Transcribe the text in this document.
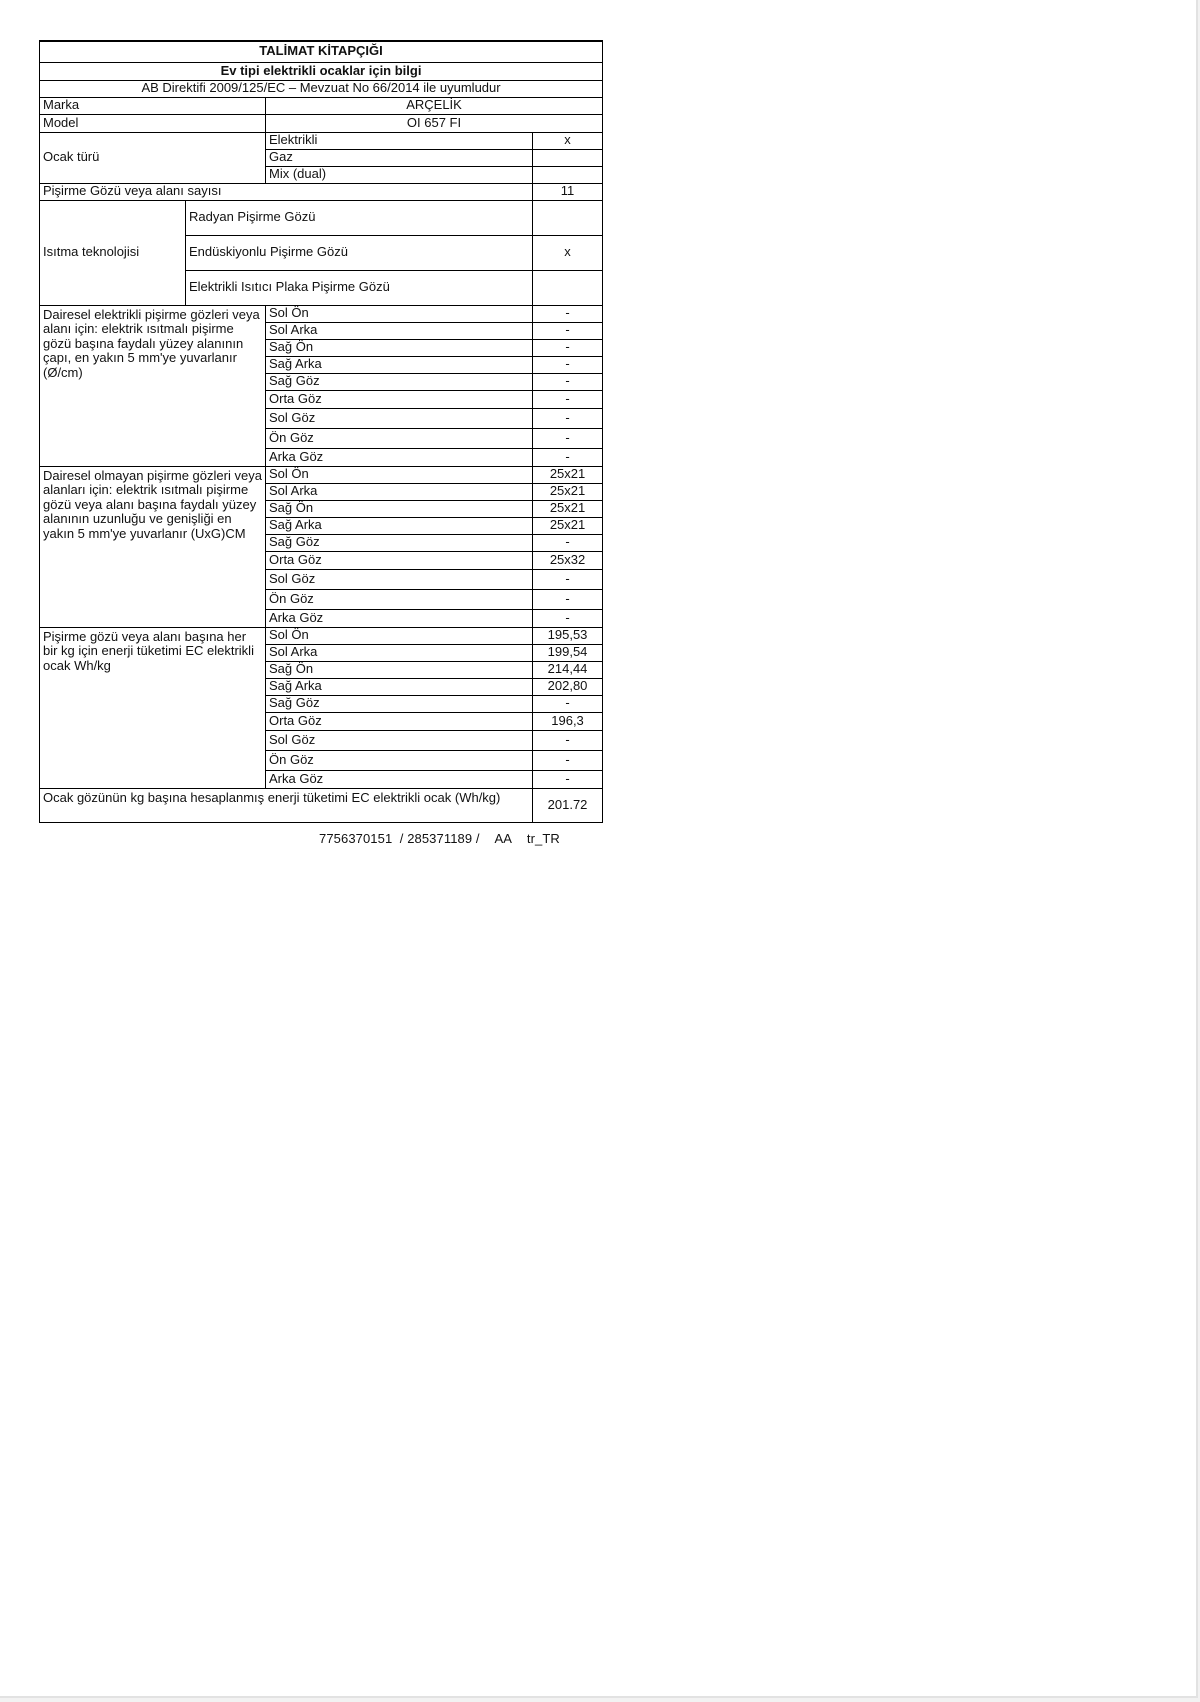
TALİMAT KİTAPÇIĞI			
Ev tipi elektrikli ocaklar için bilgi			
AB Direktifi 2009/125/EC – Mevzuat No 66/2014 ile uyumludur			
Marka		ARÇELİK	
Model		OI 657 FI	
Ocak türü		Elektrikli	x
		Gaz	
		Mix (dual)	
Pişirme Gözü veya alanı sayısı			11
Isıtma teknolojisi	Radyan Pişirme Gözü		
	Endüskiyonlu Pişirme Gözü		x
	Elektrikli Isıtıcı Plaka Pişirme Gözü		
Dairesel elektrikli pişirme gözleri veya alanı için: elektrik ısıtmalı pişirme gözü başına faydalı yüzey alanının çapı, en yakın 5 mm'ye yuvarlanır (Ø/cm)		Sol Ön	-
		Sol Arka	-
		Sağ Ön	-
		Sağ Arka	-
		Sağ Göz	-
		Orta Göz	-
		Sol Göz	-
		Ön Göz	-
		Arka Göz	-
Dairesel olmayan pişirme gözleri veya alanları için: elektrik ısıtmalı pişirme gözü veya alanı başına faydalı yüzey alanının uzunluğu ve genişliği en yakın 5 mm'ye yuvarlanır (UxG)CM		Sol Ön	25x21
		Sol Arka	25x21
		Sağ Ön	25x21
		Sağ Arka	25x21
		Sağ Göz	-
		Orta Göz	25x32
		Sol Göz	-
		Ön Göz	-
		Arka Göz	-
Pişirme gözü veya alanı başına her bir kg için enerji tüketimi EC elektrikli ocak Wh/kg		Sol Ön	195,53
		Sol Arka	199,54
		Sağ Ön	214,44
		Sağ Arka	202,80
		Sağ Göz	-
		Orta Göz	196,3
		Sol Göz	-
		Ön Göz	-
		Arka Göz	-
Ocak gözünün kg başına hesaplanmış enerji tüketimi EC elektrikli ocak (Wh/kg)			201.72
7756370151 / 285371189 / AA tr_TR
